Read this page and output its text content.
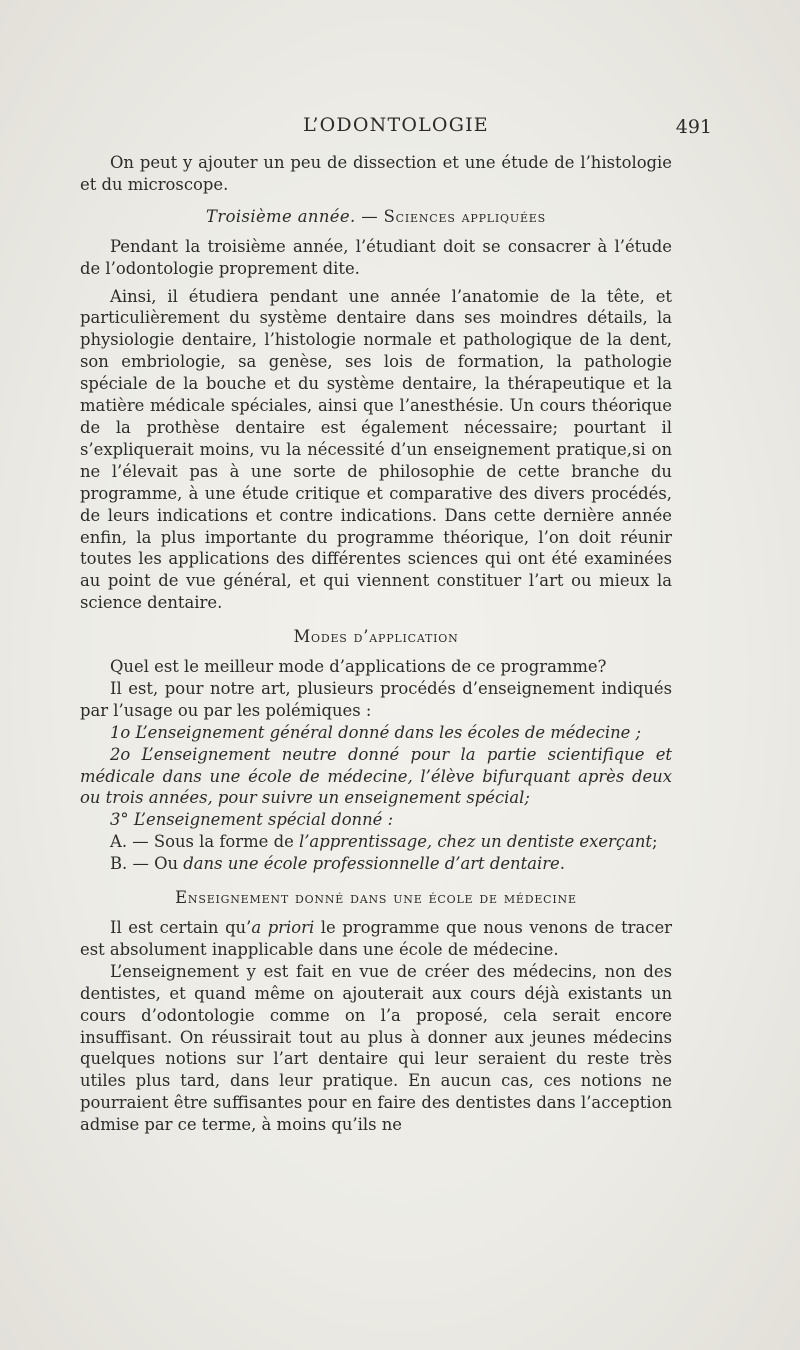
L’ODONTOLOGIE	491

On peut y ajouter un peu de dissection et une étude de l’histologie et du microscope.

Troisième année. — Sciences appliquées

Pendant la troisième année, l’étudiant doit se consacrer à l’étude de l’odontologie proprement dite.

Ainsi, il étudiera pendant une année l’anatomie de la tête, et particulièrement du système dentaire dans ses moindres détails, la physiologie dentaire, l’histologie normale et pathologique de la dent, son embriologie, sa genèse, ses lois de formation, la pathologie spéciale de la bouche et du système dentaire, la thérapeutique et la matière médicale spéciales, ainsi que l’anesthésie. Un cours théorique de la prothèse dentaire est également nécessaire; pourtant il s’expliquerait moins, vu la nécessité d’un enseignement pratique,si on ne l’élevait pas à une sorte de philosophie de cette branche du programme, à une étude critique et comparative des divers procédés, de leurs indications et contre indications. Dans cette dernière année enfin, la plus importante du programme théorique, l’on doit réunir toutes les applications des différentes sciences qui ont été examinées au point de vue général, et qui viennent constituer l’art ou mieux la science dentaire.

Modes d’application

Quel est le meilleur mode d’applications de ce programme?

Il est, pour notre art, plusieurs procédés d’enseignement indiqués par l’usage ou par les polémiques :

1o L’enseignement général donné dans les écoles de médecine ;

2o L’enseignement neutre donné pour la partie scientifique et médicale dans une école de médecine, l’élève bifurquant après deux ou trois années, pour suivre un enseignement spécial;

3° L’enseignement spécial donné :

A. — Sous la forme de l’apprentissage, chez un dentiste exerçant;

B. — Ou dans une école professionnelle d’art dentaire.

Enseignement donné dans une école de médecine

Il est certain qu’a priori le programme que nous venons de tracer est absolument inapplicable dans une école de médecine.

L’enseignement y est fait en vue de créer des médecins, non des dentistes, et quand même on ajouterait aux cours déjà existants un cours d’odontologie comme on l’a proposé, cela serait encore insuffisant. On réussirait tout au plus à donner aux jeunes médecins quelques notions sur l’art dentaire qui leur seraient du reste très utiles plus tard, dans leur pratique. En aucun cas, ces notions ne pourraient être suffisantes pour en faire des dentistes dans l’acception admise par ce terme, à moins qu’ils ne
